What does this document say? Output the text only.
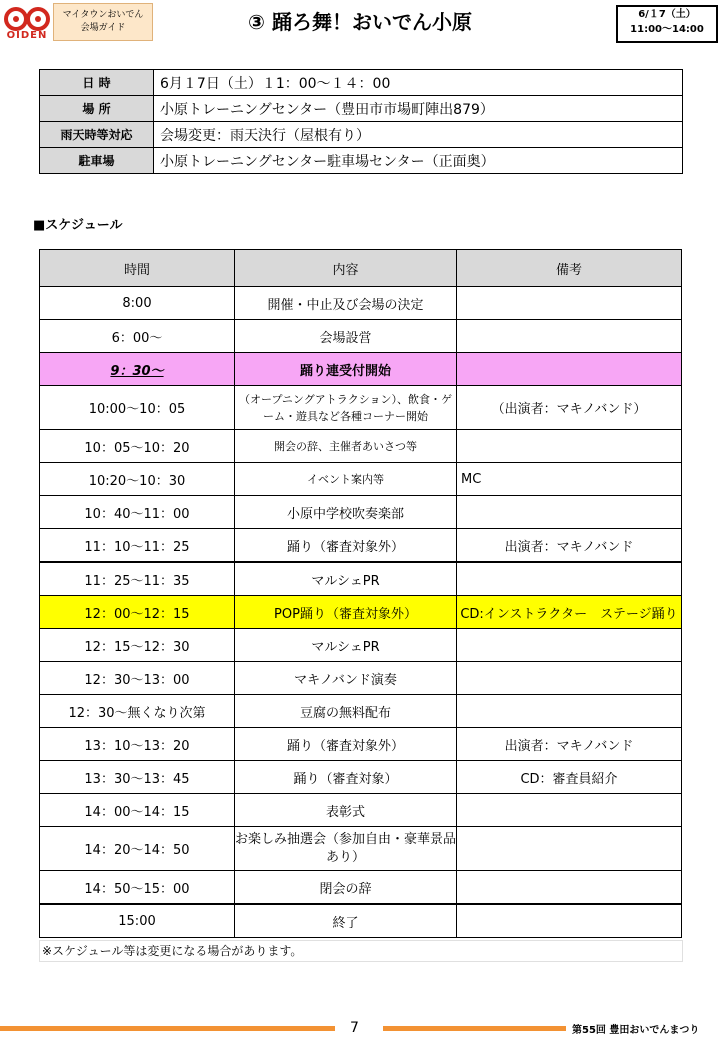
OIDEN
マイタウンおいでん
会場ガイド	③ 踊ろ舞！おいでん小原	6/１7（土）
11:00～14:00
日 時	6月１7日（土）１1：00～１４：00
場 所	小原トレーニングセンター（豊田市市場町陣出879）
雨天時等対応	会場変更：雨天決行（屋根有り）
駐車場	小原トレーニングセンター駐車場センター（正面奥）
■スケジュール
時間	内容	備考
8:00	開催・中止及び会場の決定	
6：00～	会場設営	
9：30～	踊り連受付開始	
10:00～10：05	（オープニングアトラクション）、飲食・ゲーム・遊具など各種コーナー開始	（出演者：マキノバンド）
10：05～10：20	開会の辞、主催者あいさつ等	
10:20～10：30	イベント案内等	MC
10：40～11：00	小原中学校吹奏楽部	
11：10～11：25	踊り（審査対象外）	出演者：マキノバンド
11：25～11：35	マルシェPR	
12：00～12：15	POP踊り（審査対象外）	CD:インストラクター　ステージ踊り
12：15～12：30	マルシェPR	
12：30～13：00	マキノバンド演奏	
12：30～無くなり次第	豆腐の無料配布	
13：10～13：20	踊り（審査対象外）	出演者：マキノバンド
13：30～13：45	踊り（審査対象）	CD：審査員紹介
14：00～14：15	表彰式	
14：20～14：50	お楽しみ抽選会（参加自由・豪華景品あり）	
14：50～15：00	閉会の辞	
15:00	終了	
※スケジュール等は変更になる場合があります。
7	第55回 豊田おいでんまつり
